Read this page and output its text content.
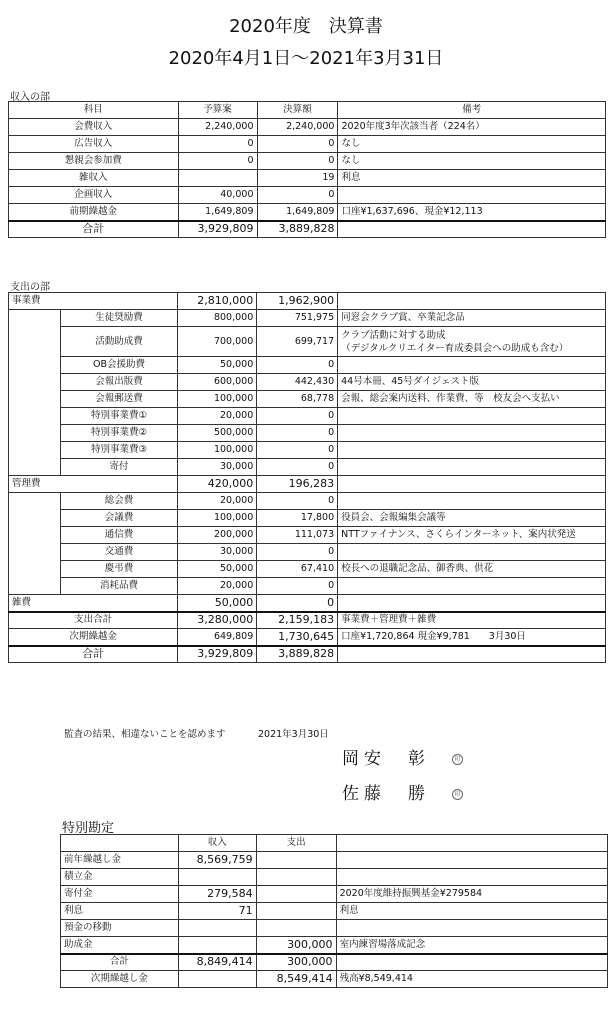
2020年度　決算書
2020年4月1日〜2021年3月31日
収入の部
科目	予算案	決算額	備考
会費収入	2,240,000	2,240,000	2020年度3年次該当者（224名）
広告収入	0	0	なし
懇親会参加費	0	0	なし
雑収入		19	利息
企画収入	40,000	0	
前期繰越金	1,649,809	1,649,809	口座¥1,637,696、現金¥12,113
合計	3,929,809	3,889,828	
支出の部
事業費		2,810,000	1,962,900	
	生徒奨励費	800,000	751,975	同窓会クラブ賞、卒業記念品
	活動助成費	700,000	699,717	クラブ活動に対する助成
（デジタルクリエイター育成委員会への助成も含む）

	OB会援助費	50,000	0	
	会報出版費	600,000	442,430	44号本冊、45号ダイジェスト版
	会報郵送費	100,000	68,778	会報、総会案内送料、作業費、等　校友会へ支払い
	特別事業費①	20,000	0	
	特別事業費②	500,000	0	
	特別事業費③	100,000	0	
	寄付	30,000	0	
管理費		420,000	196,283	
	総会費	20,000	0	
	会議費	100,000	17,800	役員会、会報編集会議等
	通信費	200,000	111,073	NTTファイナンス、さくらインターネット、案内状発送
	交通費	30,000	0	
	慶弔費	50,000	67,410	校長への退職記念品、御香典、供花
	消耗品費	20,000	0	
雑費		50,000	0	
支出合計		3,280,000	2,159,183	事業費＋管理費＋雑費
次期繰越金		649,809	1,730,645	口座¥1,720,864 現金¥9,781　　3月30日
合計		3,929,809	3,889,828	
監査の結果、相違ないことを認めます	2021年3月30日
岡安　彰	印
佐藤　勝	印
特別勘定
	収入	支出	
前年繰越し金	8,569,759		
積立金			
寄付金	279,584		2020年度維持振興基金¥279584
利息	71		利息
預金の移動			
助成金		300,000	室内練習場落成記念
合計	8,849,414	300,000	
次期繰越し金		8,549,414	残高¥8,549,414
